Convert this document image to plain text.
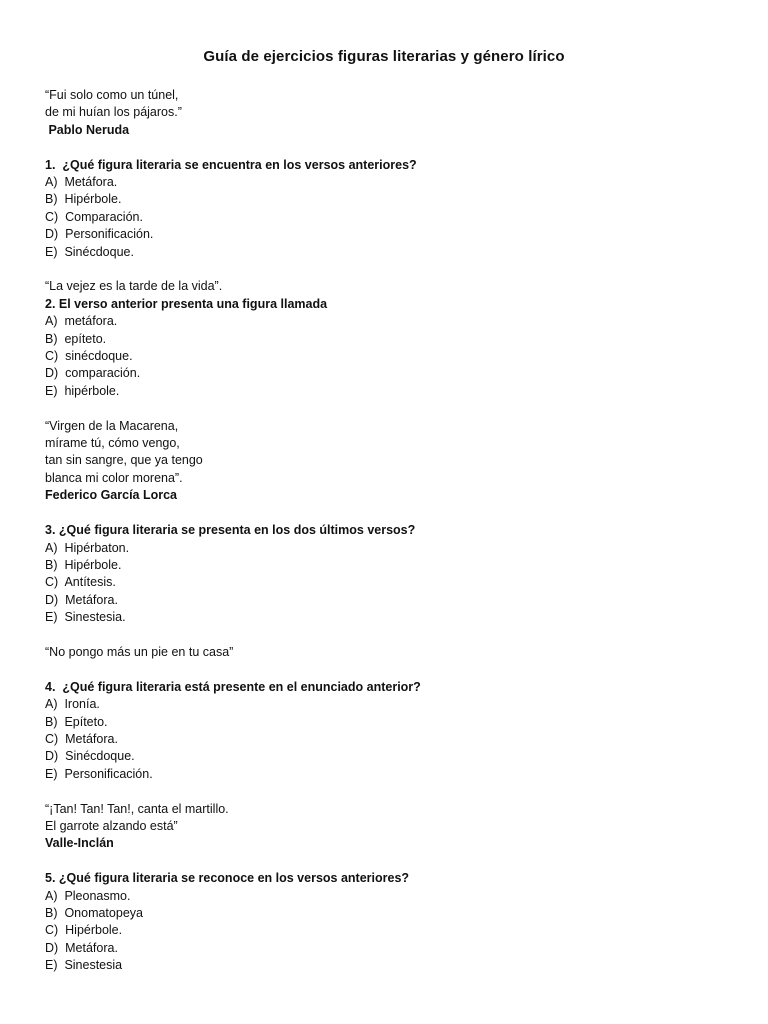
Guía de ejercicios figuras literarias y género lírico
“Fui solo como un túnel,
de mi huían los pájaros.”
Pablo Neruda
1.  ¿Qué figura literaria se encuentra en los versos anteriores?
A)  Metáfora.
B)  Hipérbole.
C)  Comparación.
D)  Personificación.
E)  Sinécdoque.
“La vejez es la tarde de la vida”.
2. El verso anterior presenta una figura llamada
A)  metáfora.
B)  epíteto.
C)  sinécdoque.
D)  comparación.
E)  hipérbole.
“Virgen de la Macarena,
mírame tú, cómo vengo,
tan sin sangre, que ya tengo
blanca mi color morena”.
Federico García Lorca
3. ¿Qué figura literaria se presenta en los dos últimos versos?
A)  Hipérbaton.
B)  Hipérbole.
C)  Antítesis.
D)  Metáfora.
E)  Sinestesia.
“No pongo más un pie en tu casa”
4.  ¿Qué figura literaria está presente en el enunciado anterior?
A)  Ironía.
B)  Epíteto.
C)  Metáfora.
D)  Sinécdoque.
E)  Personificación.
“¡Tan! Tan! Tan!, canta el martillo.
El garrote alzando está”
Valle-Inclán
5. ¿Qué figura literaria se reconoce en los versos anteriores?
A)  Pleonasmo.
B)  Onomatopeya
C)  Hipérbole.
D)  Metáfora.
E)  Sinestesia
